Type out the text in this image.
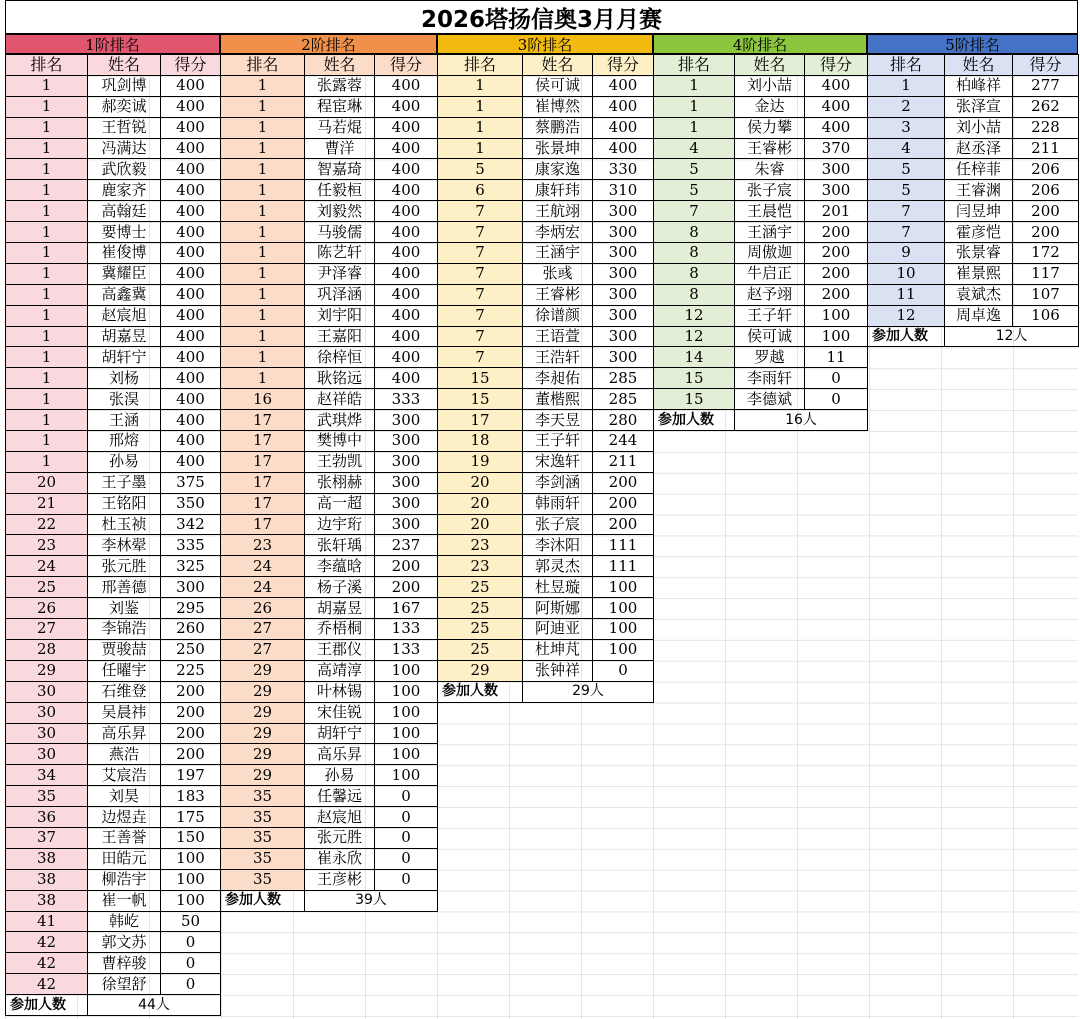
2026塔扬信奥3月月赛
1阶排名
排名	姓名	得分
1	巩剑博	400
1	郝奕诚	400
1	王哲锐	400
1	冯满达	400
1	武欣毅	400
1	鹿家齐	400
1	高翰廷	400
1	要博士	400
1	崔俊博	400
1	冀耀臣	400
1	高鑫冀	400
1	赵宸旭	400
1	胡嘉昱	400
1	胡轩宁	400
1	刘杨	400
1	张淏	400
1	王涵	400
1	邢熔	400
1	孙易	400
20	王子墨	375
21	王铭阳	350
22	杜玉祯	342
23	李林翚	335
24	张元胜	325
25	邢善德	300
26	刘鉴	295
27	李锦浩	260
28	贾骏喆	250
29	任曜宇	225
30	石维登	200
30	吴晨祎	200
30	高乐昇	200
30	燕浩	200
34	艾宸浩	197
35	刘昊	183
36	边煜垚	175
37	王善誉	150
38	田皓元	100
38	柳浩宇	100
38	崔一帆	100
41	韩屹	50
42	郭文苏	0
42	曹梓骏	0
42	徐望舒	0
参加人数	44人	
2阶排名
排名	姓名	得分
1	张露蓉	400
1	程宦琳	400
1	马若焜	400
1	曹洋	400
1	智嘉琦	400
1	任毅桓	400
1	刘毅然	400
1	马骏儒	400
1	陈艺轩	400
1	尹泽睿	400
1	巩泽涵	400
1	刘宇阳	400
1	王嘉阳	400
1	徐梓恒	400
1	耿铭远	400
16	赵祥皓	333
17	武琪烨	300
17	樊博中	300
17	王勃凯	300
17	张栩赫	300
17	高一超	300
17	边宇珩	300
23	张轩瑀	237
24	李蕴晗	200
24	杨子溪	200
26	胡嘉昱	167
27	乔梧桐	133
27	王郡仪	133
29	高靖淳	100
29	叶林锡	100
29	宋佳锐	100
29	胡轩宁	100
29	高乐昇	100
29	孙易	100
35	任馨远	0
35	赵宸旭	0
35	张元胜	0
35	崔永欣	0
35	王彦彬	0
参加人数	39人	
3阶排名
排名	姓名	得分
1	侯可诚	400
1	崔博然	400
1	蔡鹏浩	400
1	张景坤	400
5	康家逸	330
6	康轩玮	310
7	王航翊	300
7	李炳宏	300
7	王涵宇	300
7	张彧	300
7	王睿彬	300
7	徐谱颜	300
7	王语萱	300
7	王浩轩	300
15	李昶佑	285
15	董楷熙	285
17	李天昱	280
18	王子轩	244
19	宋逸轩	211
20	李剑涵	200
20	韩雨轩	200
20	张子宸	200
23	李沐阳	111
23	郭灵杰	111
25	杜昱璇	100
25	阿斯娜	100
25	阿迪亚	100
25	杜坤芃	100
29	张钟祥	0
参加人数	29人	
4阶排名
排名	姓名	得分
1	刘小喆	400
1	金达	400
1	侯力攀	400
4	王睿彬	370
5	朱睿	300
5	张子宸	300
7	王晨恺	201
8	王涵宇	200
8	周傲迦	200
8	牛启正	200
8	赵予翊	200
12	王子轩	100
12	侯可诚	100
14	罗越	11
15	李雨轩	0
15	李德斌	0
参加人数	16人	
5阶排名
排名	姓名	得分
1	柏峰祥	277
2	张泽宣	262
3	刘小喆	228
4	赵丞泽	211
5	任梓菲	206
5	王睿渊	206
7	闫昱坤	200
7	霍彦恺	200
9	张景睿	172
10	崔景熙	117
11	袁斌杰	107
12	周卓逸	106
参加人数	12人	
